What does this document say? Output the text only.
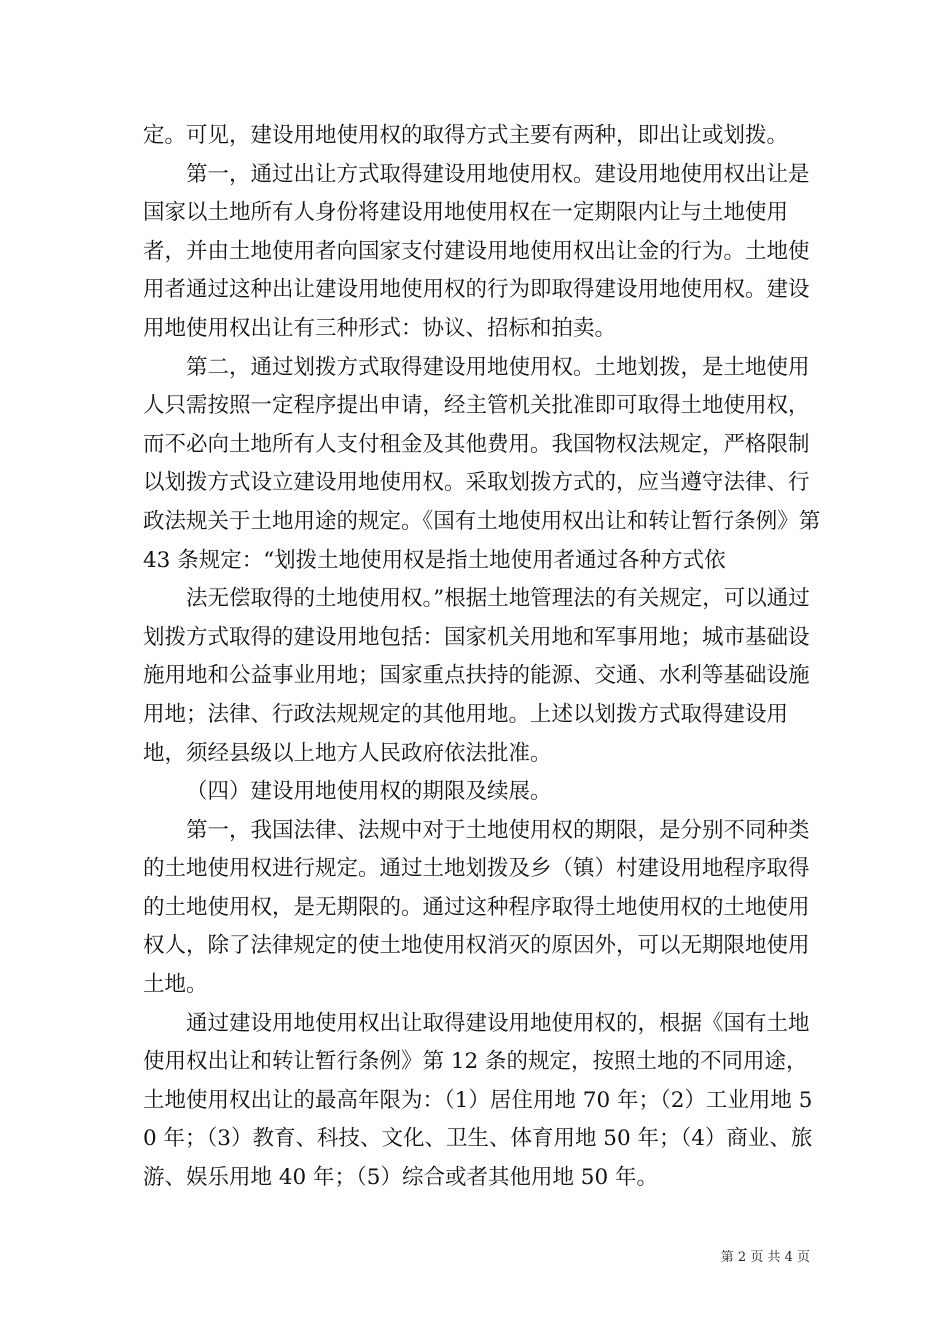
定。可见，建设用地使用权的取得方式主要有两种，即出让或划拨。

第一，通过出让方式取得建设用地使用权。建设用地使用权出让是国家以土地所有人身份将建设用地使用权在一定期限内让与土地使用者，并由土地使用者向国家支付建设用地使用权出让金的行为。土地使用者通过这种出让建设用地使用权的行为即取得建设用地使用权。建设用地使用权出让有三种形式：协议、招标和拍卖。

第二，通过划拨方式取得建设用地使用权。土地划拨，是土地使用人只需按照一定程序提出申请，经主管机关批准即可取得土地使用权，而不必向土地所有人支付租金及其他费用。我国物权法规定，严格限制以划拨方式设立建设用地使用权。采取划拨方式的，应当遵守法律、行政法规关于土地用途的规定。《国有土地使用权出让和转让暂行条例》第 43 条规定：“划拨土地使用权是指土地使用者通过各种方式依

法无偿取得的土地使用权。”根据土地管理法的有关规定，可以通过划拨方式取得的建设用地包括：国家机关用地和军事用地；城市基础设施用地和公益事业用地；国家重点扶持的能源、交通、水利等基础设施用地；法律、行政法规规定的其他用地。上述以划拨方式取得建设用地，须经县级以上地方人民政府依法批准。

（四）建设用地使用权的期限及续展。

第一，我国法律、法规中对于土地使用权的期限，是分别不同种类的土地使用权进行规定。通过土地划拨及乡（镇）村建设用地程序取得的土地使用权，是无期限的。通过这种程序取得土地使用权的土地使用权人，除了法律规定的使土地使用权消灭的原因外，可以无期限地使用土地。

通过建设用地使用权出让取得建设用地使用权的，根据《国有土地使用权出让和转让暂行条例》第 12 条的规定，按照土地的不同用途，土地使用权出让的最高年限为：（1）居住用地 70 年；（2）工业用地 50 年；（3）教育、科技、文化、卫生、体育用地 50 年；（4）商业、旅游、娱乐用地 40 年；（5）综合或者其他用地 50 年。

第 2 页 共 4 页
